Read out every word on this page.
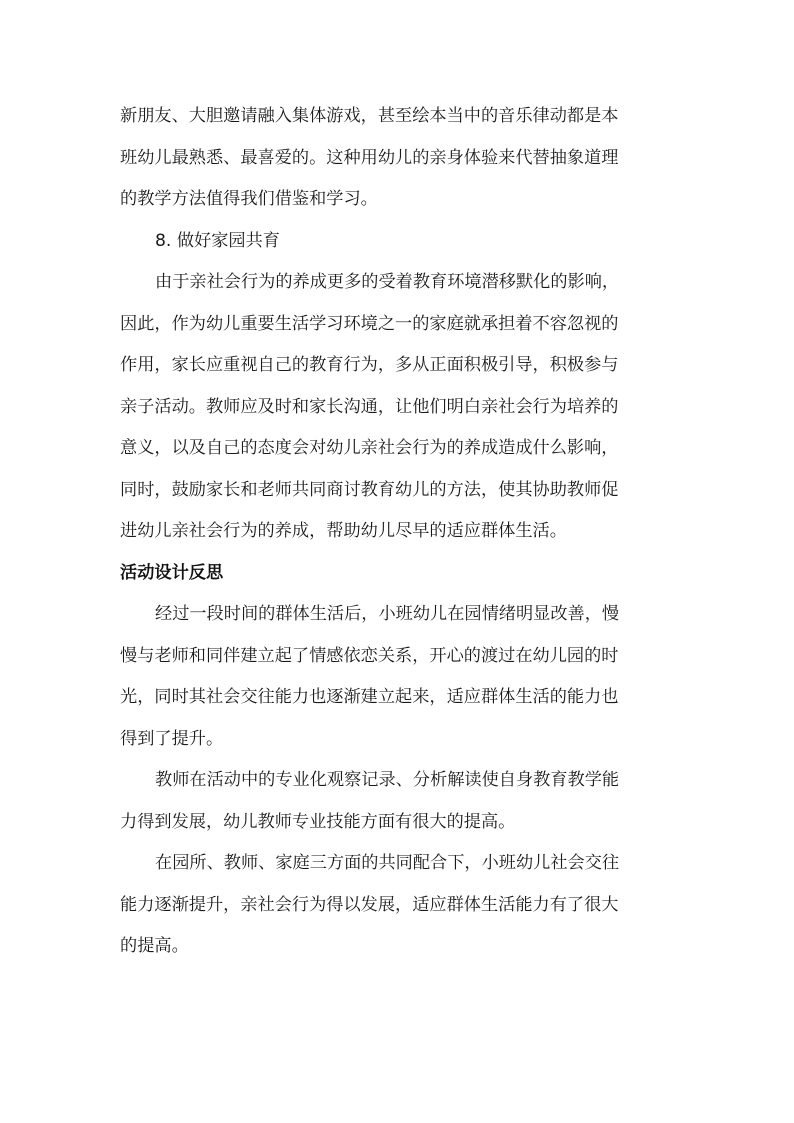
新朋友、大胆邀请融入集体游戏，甚至绘本当中的音乐律动都是本
班幼儿最熟悉、最喜爱的。这种用幼儿的亲身体验来代替抽象道理
的教学方法值得我们借鉴和学习。
8. 做好家园共育
由于亲社会行为的养成更多的受着教育环境潜移默化的影响，
因此，作为幼儿重要生活学习环境之一的家庭就承担着不容忽视的
作用，家长应重视自己的教育行为，多从正面积极引导，积极参与
亲子活动。教师应及时和家长沟通，让他们明白亲社会行为培养的
意义，以及自己的态度会对幼儿亲社会行为的养成造成什么影响，
同时，鼓励家长和老师共同商讨教育幼儿的方法，使其协助教师促
进幼儿亲社会行为的养成，帮助幼儿尽早的适应群体生活。
活动设计反思
经过一段时间的群体生活后，小班幼儿在园情绪明显改善，慢
慢与老师和同伴建立起了情感依恋关系，开心的渡过在幼儿园的时
光，同时其社会交往能力也逐渐建立起来，适应群体生活的能力也
得到了提升。
教师在活动中的专业化观察记录、分析解读使自身教育教学能
力得到发展，幼儿教师专业技能方面有很大的提高。
在园所、教师、家庭三方面的共同配合下，小班幼儿社会交往
能力逐渐提升，亲社会行为得以发展，适应群体生活能力有了很大
的提高。
